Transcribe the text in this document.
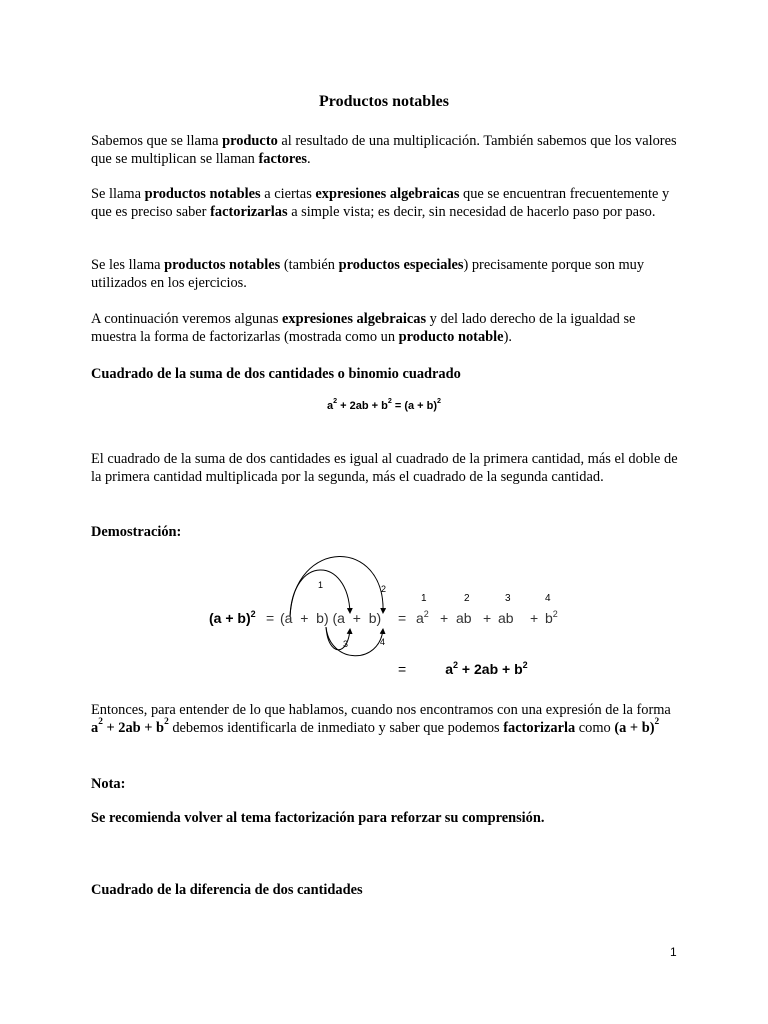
Productos notables

Sabemos que se llama producto al resultado de una multiplicación. También sabemos que los valores que se multiplican se llaman factores.

Se llama productos notables a ciertas expresiones algebraicas que se encuentran frecuentemente y que es preciso saber factorizarlas a simple vista; es decir, sin necesidad de hacerlo paso por paso.

Se les llama productos notables (también productos especiales) precisamente porque son muy utilizados en los ejercicios.

A continuación veremos algunas expresiones algebraicas y del lado derecho de la igualdad se muestra la forma de factorizarlas (mostrada como un producto notable).

Cuadrado de la suma de dos cantidades o binomio cuadrado

$a^2 + 2ab + b^2 = (a + b)^2$

El cuadrado de la suma de dos cantidades es igual al cuadrado de la primera cantidad, más el doble de la primera cantidad multiplicada por la segunda, más el cuadrado de la segunda cantidad.

Demostración:

1	2
3	4
$(a + b)^2 = (a + b)$ (a  +  b) =
1	2	3	4
$a^2$ + ab + ab + $b^2$
=	$a^2 + 2ab + b^2$

Entonces, para entender de lo que hablamos, cuando nos encontramos con una expresión de la forma $a^2 + 2ab + b^2$ debemos identificarla de inmediato y saber que podemos factorizarla como $(a + b)^2$

Nota:

Se recomienda volver al tema factorización para reforzar su comprensión.

Cuadrado de la diferencia de dos cantidades

1
